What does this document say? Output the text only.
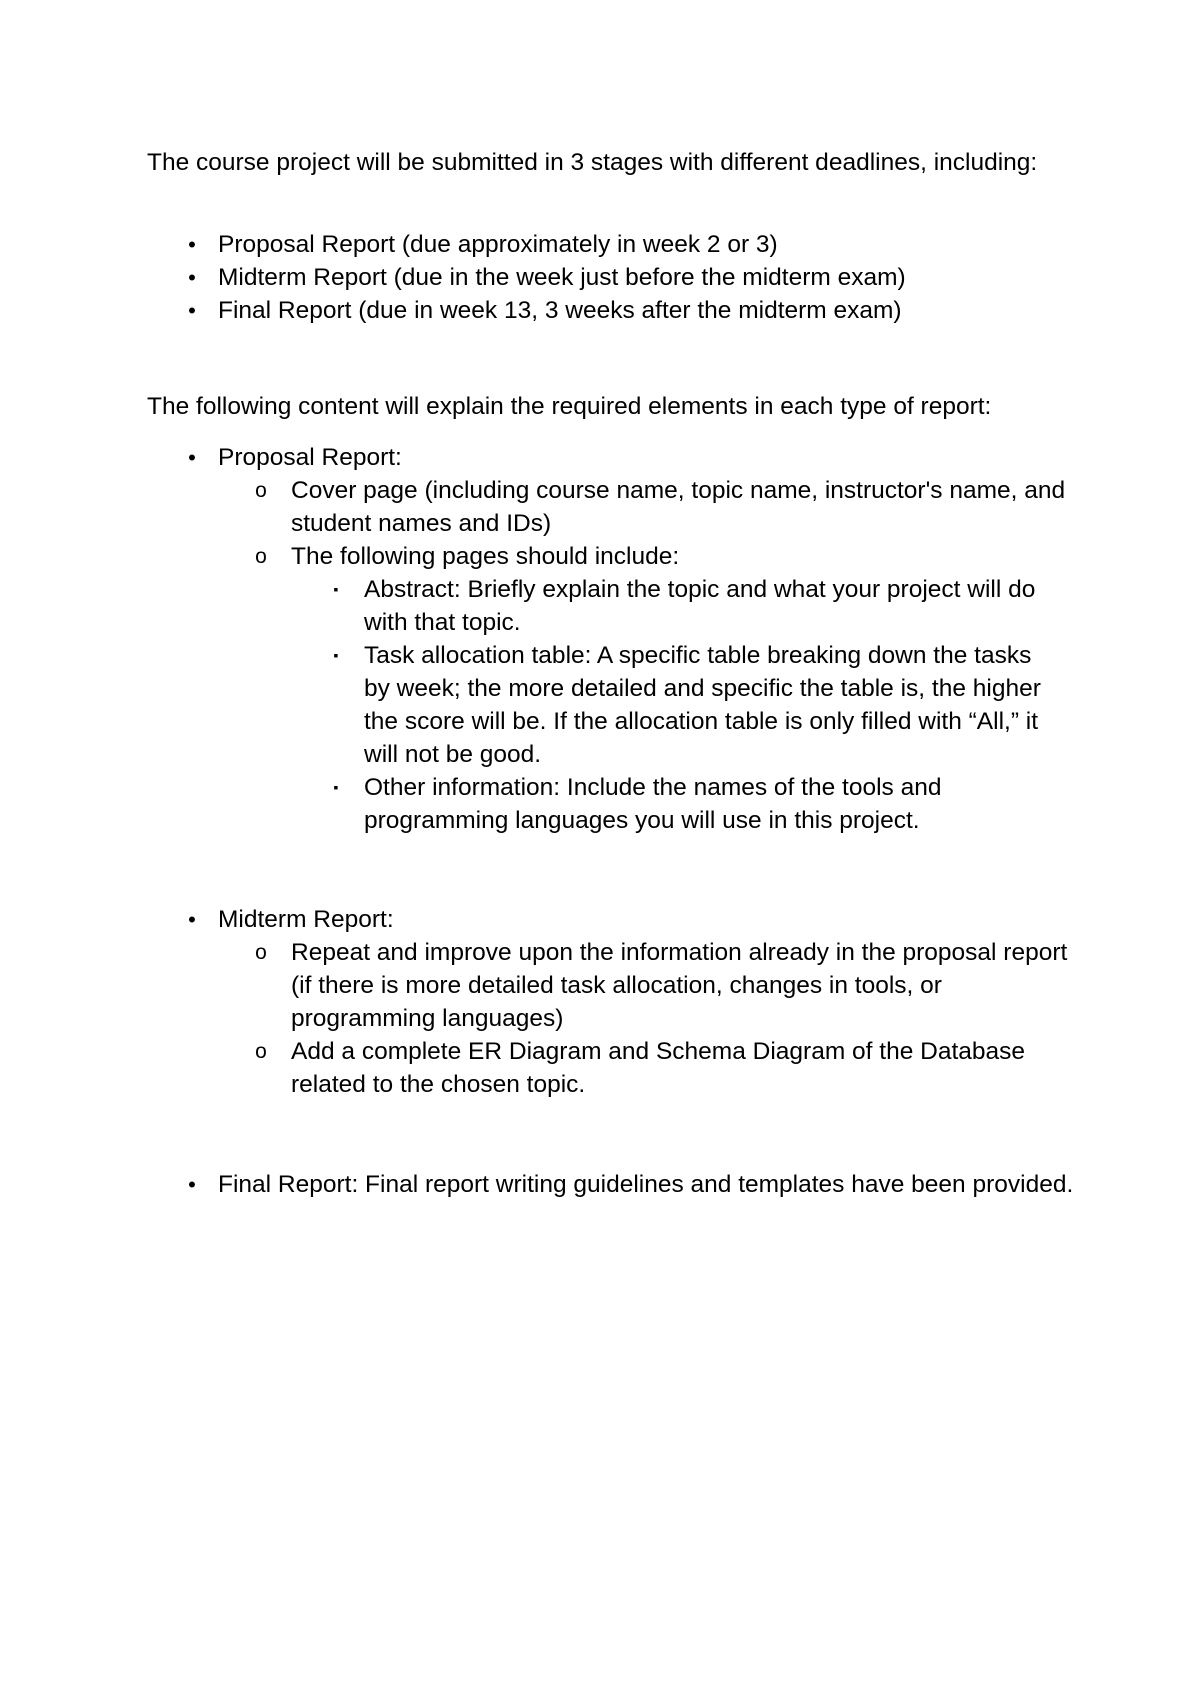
The course project will be submitted in 3 stages with different deadlines, including:

• Proposal Report (due approximately in week 2 or 3)
• Midterm Report (due in the week just before the midterm exam)
• Final Report (due in week 13, 3 weeks after the midterm exam)

The following content will explain the required elements in each type of report:

• Proposal Report:
o Cover page (including course name, topic name, instructor's name, and student names and IDs)
o The following pages should include:
▪	Abstract: Briefly explain the topic and what your project will do with that topic.
▪	Task allocation table: A specific table breaking down the tasks by week; the more detailed and specific the table is, the higher the score will be. If the allocation table is only filled with “All,” it will not be good.
▪	Other information: Include the names of the tools and programming languages you will use in this project.
• Midterm Report:
o Repeat and improve upon the information already in the proposal report (if there is more detailed task allocation, changes in tools, or programming languages)
o Add a complete ER Diagram and Schema Diagram of the Database related to the chosen topic.
• Final Report: Final report writing guidelines and templates have been provided.
